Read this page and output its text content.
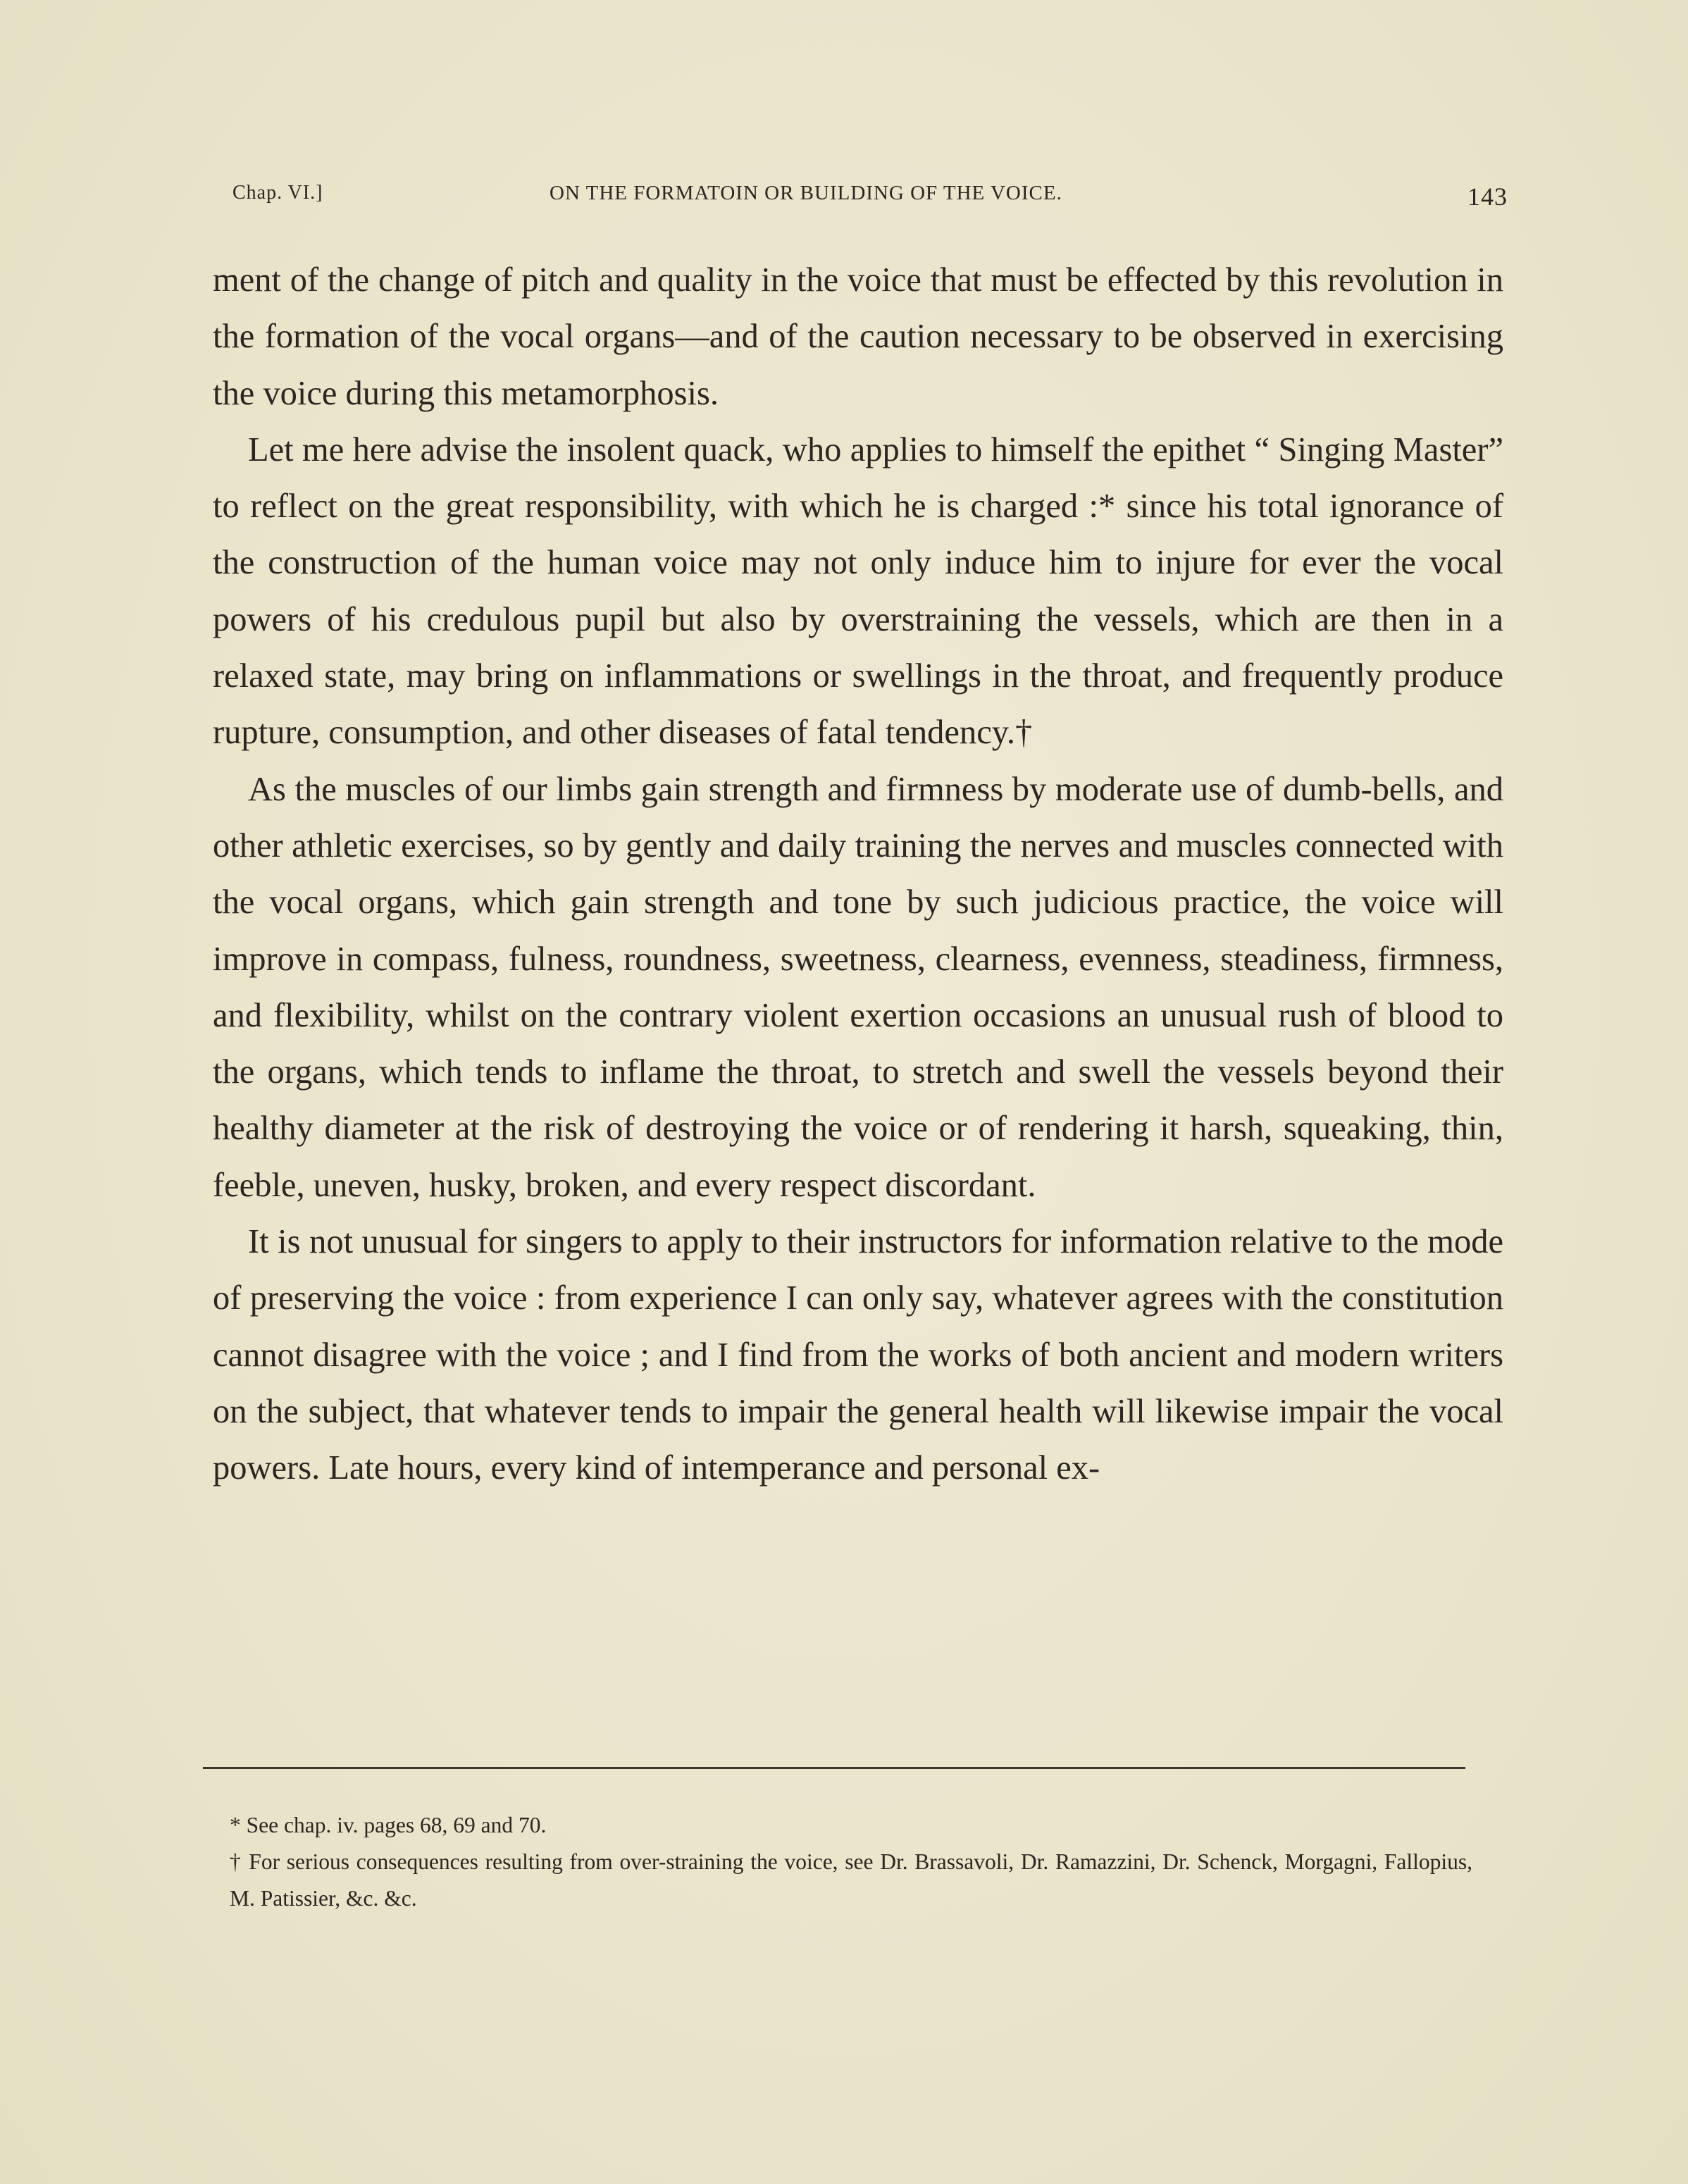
Chap. VI.]	ON THE FORMATOIN OR BUILDING OF THE VOICE.	143

ment of the change of pitch and quality in the voice that must be effected by this revolution in the formation of the vocal organs—and of the caution necessary to be observed in exercising the voice during this metamorphosis.

Let me here advise the insolent quack, who applies to himself the epithet “ Singing Master” to reflect on the great responsibility, with which he is charged :* since his total ignorance of the construction of the human voice may not only induce him to injure for ever the vocal powers of his credulous pupil but also by overstraining the vessels, which are then in a relaxed state, may bring on inflammations or swellings in the throat, and frequently produce rupture, consumption, and other diseases of fatal tendency.†

As the muscles of our limbs gain strength and firmness by moderate use of dumb-bells, and other athletic exercises, so by gently and daily training the nerves and muscles connected with the vocal organs, which gain strength and tone by such judicious practice, the voice will improve in compass, fulness, roundness, sweetness, clearness, evenness, steadiness, firmness, and flexibility, whilst on the contrary violent exertion occasions an unusual rush of blood to the organs, which tends to inflame the throat, to stretch and swell the vessels beyond their healthy diameter at the risk of destroying the voice or of rendering it harsh, squeaking, thin, feeble, uneven, husky, broken, and every respect discordant.

It is not unusual for singers to apply to their instructors for information relative to the mode of preserving the voice : from experience I can only say, whatever agrees with the constitution cannot disagree with the voice ; and I find from the works of both ancient and modern writers on the subject, that whatever tends to impair the general health will likewise impair the vocal powers. Late hours, every kind of intemperance and personal ex-

* See chap. iv. pages 68, 69 and 70.

† For serious consequences resulting from over-straining the voice, see Dr. Brassavoli, Dr. Ramazzini, Dr. Schenck, Morgagni, Fallopius, M. Patissier, &c. &c.
